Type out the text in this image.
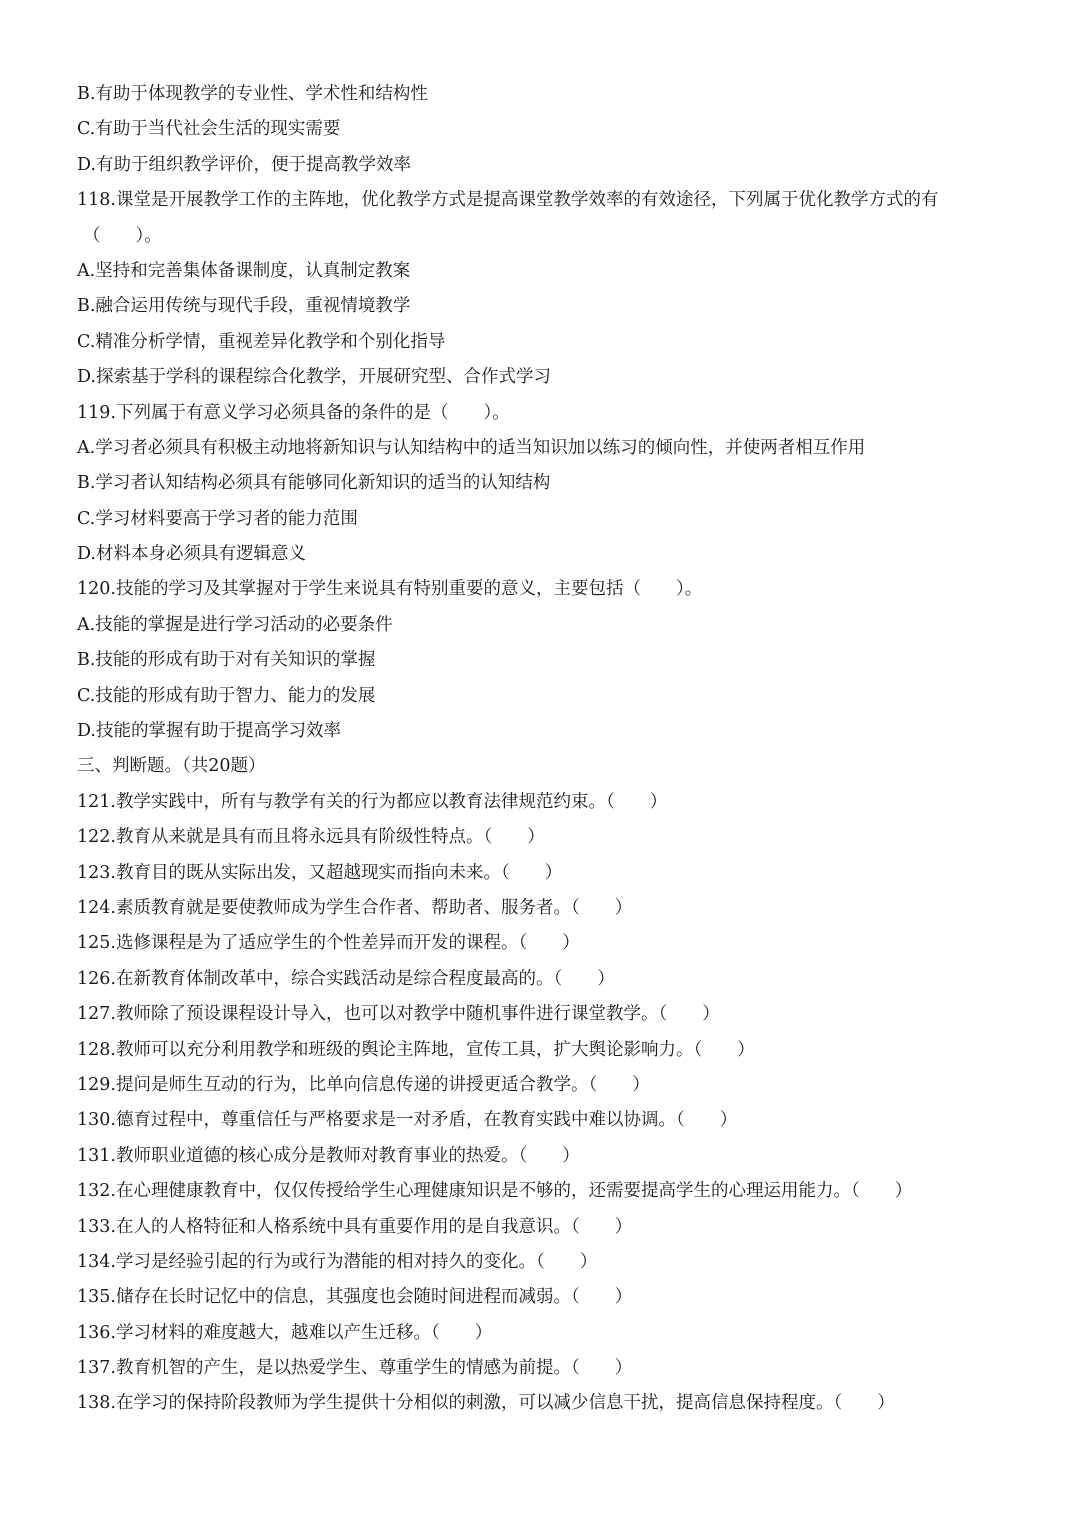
B.有助于体现教学的专业性、学术性和结构性
C.有助于当代社会生活的现实需要
D.有助于组织教学评价，便于提高教学效率
118.课堂是开展教学工作的主阵地，优化教学方式是提高课堂教学效率的有效途径，下列属于优化教学方式的有
（　　）。
A.坚持和完善集体备课制度，认真制定教案
B.融合运用传统与现代手段，重视情境教学
C.精准分析学情，重视差异化教学和个别化指导
D.探索基于学科的课程综合化教学，开展研究型、合作式学习
119.下列属于有意义学习必须具备的条件的是（　　）。
A.学习者必须具有积极主动地将新知识与认知结构中的适当知识加以练习的倾向性，并使两者相互作用
B.学习者认知结构必须具有能够同化新知识的适当的认知结构
C.学习材料要高于学习者的能力范围
D.材料本身必须具有逻辑意义
120.技能的学习及其掌握对于学生来说具有特别重要的意义，主要包括（　　）。
A.技能的掌握是进行学习活动的必要条件
B.技能的形成有助于对有关知识的掌握
C.技能的形成有助于智力、能力的发展
D.技能的掌握有助于提高学习效率
三、判断题。（共20题）
121.教学实践中，所有与教学有关的行为都应以教育法律规范约束。（　　）
122.教育从来就是具有而且将永远具有阶级性特点。（　　）
123.教育目的既从实际出发，又超越现实而指向未来。（　　）
124.素质教育就是要使教师成为学生合作者、帮助者、服务者。（　　）
125.选修课程是为了适应学生的个性差异而开发的课程。（　　）
126.在新教育体制改革中，综合实践活动是综合程度最高的。（　　）
127.教师除了预设课程设计导入，也可以对教学中随机事件进行课堂教学。（　　）
128.教师可以充分利用教学和班级的舆论主阵地，宣传工具，扩大舆论影响力。（　　）
129.提问是师生互动的行为，比单向信息传递的讲授更适合教学。（　　）
130.德育过程中，尊重信任与严格要求是一对矛盾，在教育实践中难以协调。（　　）
131.教师职业道德的核心成分是教师对教育事业的热爱。（　　）
132.在心理健康教育中，仅仅传授给学生心理健康知识是不够的，还需要提高学生的心理运用能力。（　　）
133.在人的人格特征和人格系统中具有重要作用的是自我意识。（　　）
134.学习是经验引起的行为或行为潜能的相对持久的变化。（　　）
135.储存在长时记忆中的信息，其强度也会随时间进程而减弱。（　　）
136.学习材料的难度越大，越难以产生迁移。（　　）
137.教育机智的产生，是以热爱学生、尊重学生的情感为前提。（　　）
138.在学习的保持阶段教师为学生提供十分相似的刺激，可以减少信息干扰，提高信息保持程度。（　　）
